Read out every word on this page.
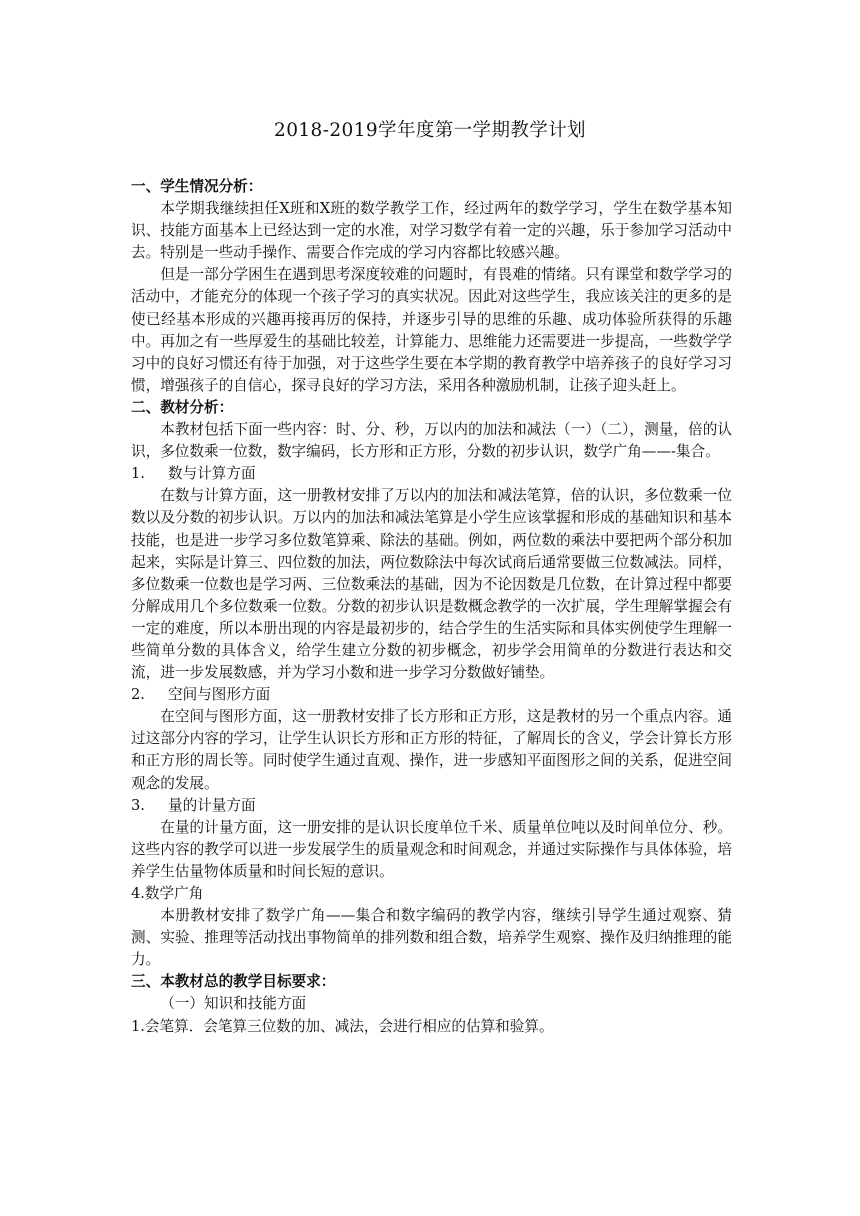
2018-2019学年度第一学期教学计划

一、学生情况分析：

本学期我继续担任X班和X班的数学教学工作，经过两年的数学学习，学生在数学基本知识、技能方面基本上已经达到一定的水准，对学习数学有着一定的兴趣，乐于参加学习活动中去。特别是一些动手操作、需要合作完成的学习内容都比较感兴趣。

但是一部分学困生在遇到思考深度较难的问题时，有畏难的情绪。只有课堂和数学学习的活动中，才能充分的体现一个孩子学习的真实状况。因此对这些学生，我应该关注的更多的是使已经基本形成的兴趣再接再厉的保持，并逐步引导的思维的乐趣、成功体验所获得的乐趣中。再加之有一些厚爱生的基础比较差，计算能力、思维能力还需要进一步提高，一些数学学习中的良好习惯还有待于加强，对于这些学生要在本学期的教育教学中培养孩子的良好学习习惯，增强孩子的自信心，探寻良好的学习方法，采用各种激励机制，让孩子迎头赶上。

二、教材分析：

本教材包括下面一些内容：时、分、秒，万以内的加法和减法（一）（二），测量，倍的认识，多位数乘一位数，数字编码，长方形和正方形，分数的初步认识，数学广角——-集合。

1. 数与计算方面

在数与计算方面，这一册教材安排了万以内的加法和减法笔算，倍的认识，多位数乘一位数以及分数的初步认识。万以内的加法和减法笔算是小学生应该掌握和形成的基础知识和基本技能，也是进一步学习多位数笔算乘、除法的基础。例如，两位数的乘法中要把两个部分积加起来，实际是计算三、四位数的加法，两位数除法中每次试商后通常要做三位数减法。同样，多位数乘一位数也是学习两、三位数乘法的基础，因为不论因数是几位数，在计算过程中都要分解成用几个多位数乘一位数。分数的初步认识是数概念教学的一次扩展，学生理解掌握会有一定的难度，所以本册出现的内容是最初步的，结合学生的生活实际和具体实例使学生理解一些简单分数的具体含义，给学生建立分数的初步概念，初步学会用简单的分数进行表达和交流，进一步发展数感，并为学习小数和进一步学习分数做好铺垫。

2. 空间与图形方面

在空间与图形方面，这一册教材安排了长方形和正方形，这是教材的另一个重点内容。通过这部分内容的学习，让学生认识长方形和正方形的特征，了解周长的含义，学会计算长方形和正方形的周长等。同时使学生通过直观、操作，进一步感知平面图形之间的关系，促进空间观念的发展。

3. 量的计量方面

在量的计量方面，这一册安排的是认识长度单位千米、质量单位吨以及时间单位分、秒。这些内容的教学可以进一步发展学生的质量观念和时间观念，并通过实际操作与具体体验，培养学生估量物体质量和时间长短的意识。

4.数学广角

本册教材安排了数学广角——集合和数字编码的教学内容，继续引导学生通过观察、猜测、实验、推理等活动找出事物简单的排列数和组合数，培养学生观察、操作及归纳推理的能力。

三、本教材总的教学目标要求：

（一）知识和技能方面

1.会笔算．会笔算三位数的加、减法，会进行相应的估算和验算。
